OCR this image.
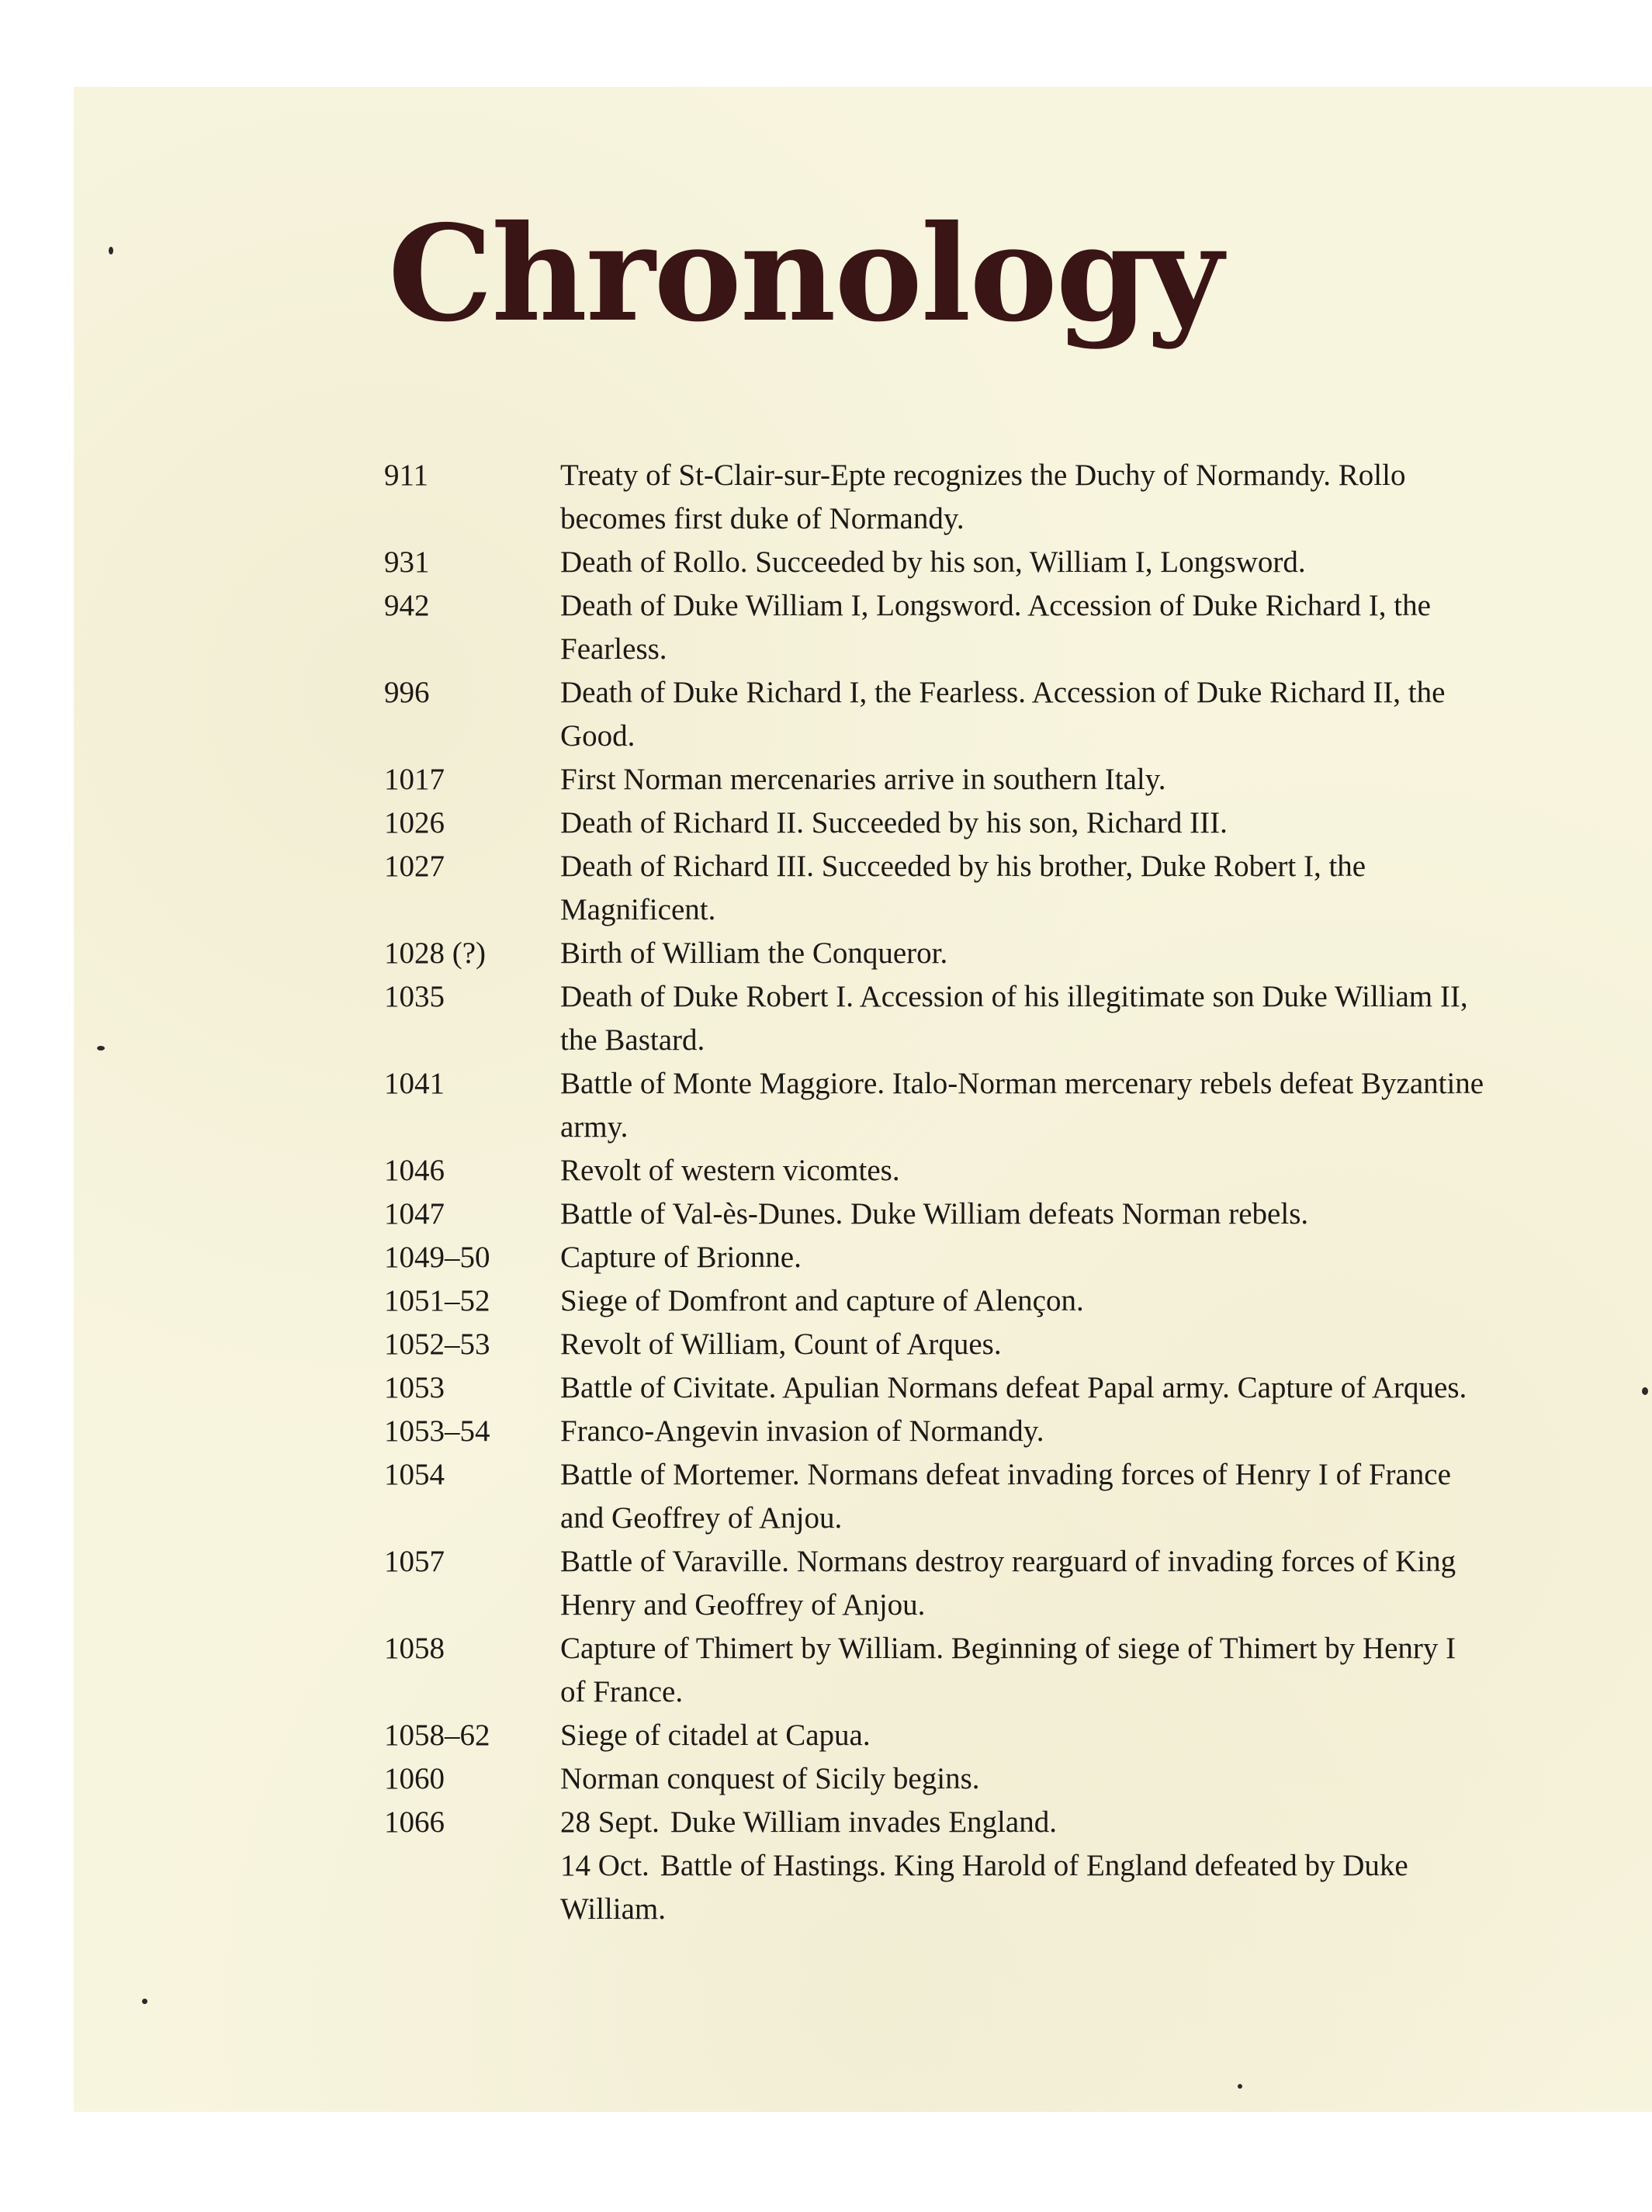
Chronology
911	Treaty of St-Clair-sur-Epte recognizes the Duchy of Normandy. Rollo becomes first duke of Normandy.
931	Death of Rollo. Succeeded by his son, William I, Longsword.
942	Death of Duke William I, Longsword. Accession of Duke Richard I, the Fearless.
996	Death of Duke Richard I, the Fearless. Accession of Duke Richard II, the Good.
1017	First Norman mercenaries arrive in southern Italy.
1026	Death of Richard II. Succeeded by his son, Richard III.
1027	Death of Richard III. Succeeded by his brother, Duke Robert I, the Magnificent.
1028 (?)	Birth of William the Conqueror.
1035	Death of Duke Robert I. Accession of his illegitimate son Duke William II, the Bastard.
1041	Battle of Monte Maggiore. Italo-Norman mercenary rebels defeat Byzantine army.
1046	Revolt of western vicomtes.
1047	Battle of Val-ès-Dunes. Duke William defeats Norman rebels.
1049–50	Capture of Brionne.
1051–52	Siege of Domfront and capture of Alençon.
1052–53	Revolt of William, Count of Arques.
1053	Battle of Civitate. Apulian Normans defeat Papal army. Capture of Arques.
1053–54	Franco-Angevin invasion of Normandy.
1054	Battle of Mortemer. Normans defeat invading forces of Henry I of France and Geoffrey of Anjou.
1057	Battle of Varaville. Normans destroy rearguard of invading forces of King Henry and Geoffrey of Anjou.
1058	Capture of Thimert by William. Beginning of siege of Thimert by Henry I of France.
1058–62	Siege of citadel at Capua.
1060	Norman conquest of Sicily begins.
1066	28 Sept. Duke William invades England.
14 Oct. Battle of Hastings. King Harold of England defeated by Duke William.
